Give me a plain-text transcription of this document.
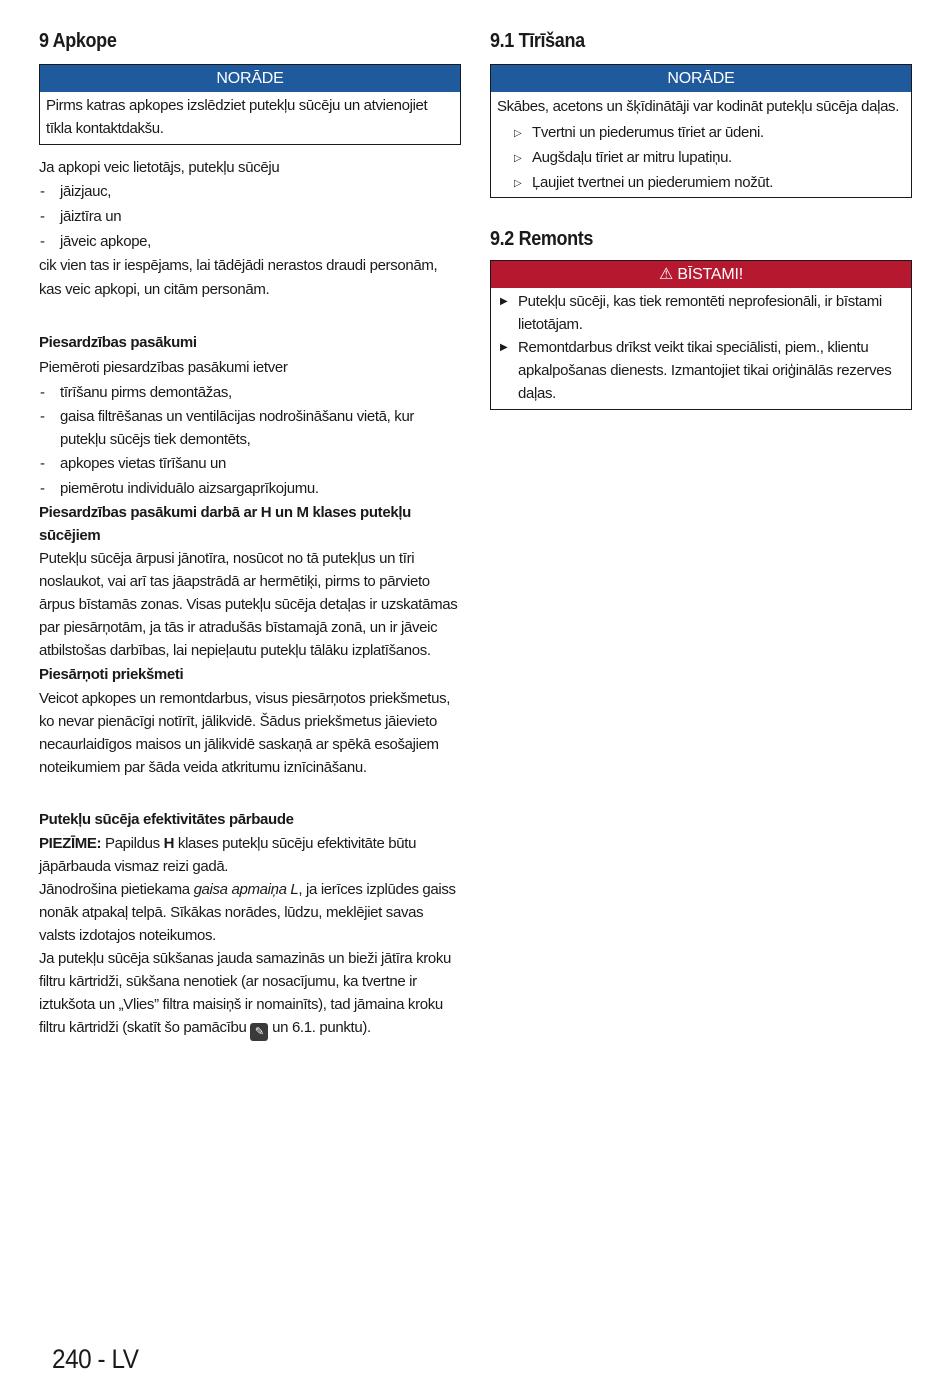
9 Apkope
NORĀDE
Pirms katras apkopes izslēdziet putekļu sūcēju un atvienojiet tīkla kontaktdakšu.

Ja apkopi veic lietotājs, putekļu sūcēju

- jāizjauc,
- jāiztīra un
- jāveic apkope,

cik vien tas ir iespējams, lai tādējādi nerastos draudi personām, kas veic apkopi, un citām personām.

Piesardzības pasākumi

Piemēroti piesardzības pasākumi ietver

- tīrīšanu pirms demontāžas,
- gaisa filtrēšanas un ventilācijas nodrošināšanu vietā, kur putekļu sūcējs tiek demontēts,
- apkopes vietas tīrīšanu un
- piemērotu individuālo aizsargaprīkojumu.

Piesardzības pasākumi darbā ar H un M klases putekļu sūcējiem

Putekļu sūcēja ārpusi jānotīra, nosūcot no tā putekļus un tīri noslaukot, vai arī tas jāapstrādā ar hermētiķi, pirms to pārvieto ārpus bīstamās zonas. Visas putekļu sūcēja detaļas ir uzskatāmas par piesārņotām, ja tās ir atradušās bīstamajā zonā, un ir jāveic atbilstošas darbības, lai nepieļautu putekļu tālāku izplatīšanos.

Piesārņoti priekšmeti

Veicot apkopes un remontdarbus, visus piesārņotos priekšmetus, ko nevar pienācīgi notīrīt, jālikvidē. Šādus priekšmetus jāievieto necaurlaidīgos maisos un jālikvidē saskaņā ar spēkā esošajiem noteikumiem par šāda veida atkritumu iznīcināšanu.

Putekļu sūcēja efektivitātes pārbaude

PIEZĪME: Papildus H klases putekļu sūcēju efektivitāte būtu jāpārbauda vismaz reizi gadā.

Jānodrošina pietiekama gaisa apmaiņa L, ja ierīces izplūdes gaiss nonāk atpakaļ telpā. Sīkākas norādes, lūdzu, meklējiet savas valsts izdotajos noteikumos.

Ja putekļu sūcēja sūkšanas jauda samazinās un bieži jātīra kroku filtru kārtridži, sūkšana nenotiek (ar nosacījumu, ka tvertne ir iztukšota un „Vlies” filtra maisiņš ir nomainīts), tad jāmaina kroku filtru kārtridži (skatīt šo pamācību ✎ un 6.1. punktu).

9.1 Tīrīšana
NORĀDE

Skābes, acetons un šķīdinātāji var kodināt putekļu sūcēja daļas.

▷ Tvertni un piederumus tīriet ar ūdeni.
▷ Augšdaļu tīriet ar mitru lupatiņu.
▷ Ļaujiet tvertnei un piederumiem nožūt.
9.2 Remonts
⚠ BĪSTAMI!
▶ Putekļu sūcēji, kas tiek remontēti neprofesionāli, ir bīstami lietotājam.
▶ Remontdarbus drīkst veikt tikai speciālisti, piem., klientu apkalpošanas dienests. Izmantojiet tikai oriģinālās rezerves daļas.
240 - LV
